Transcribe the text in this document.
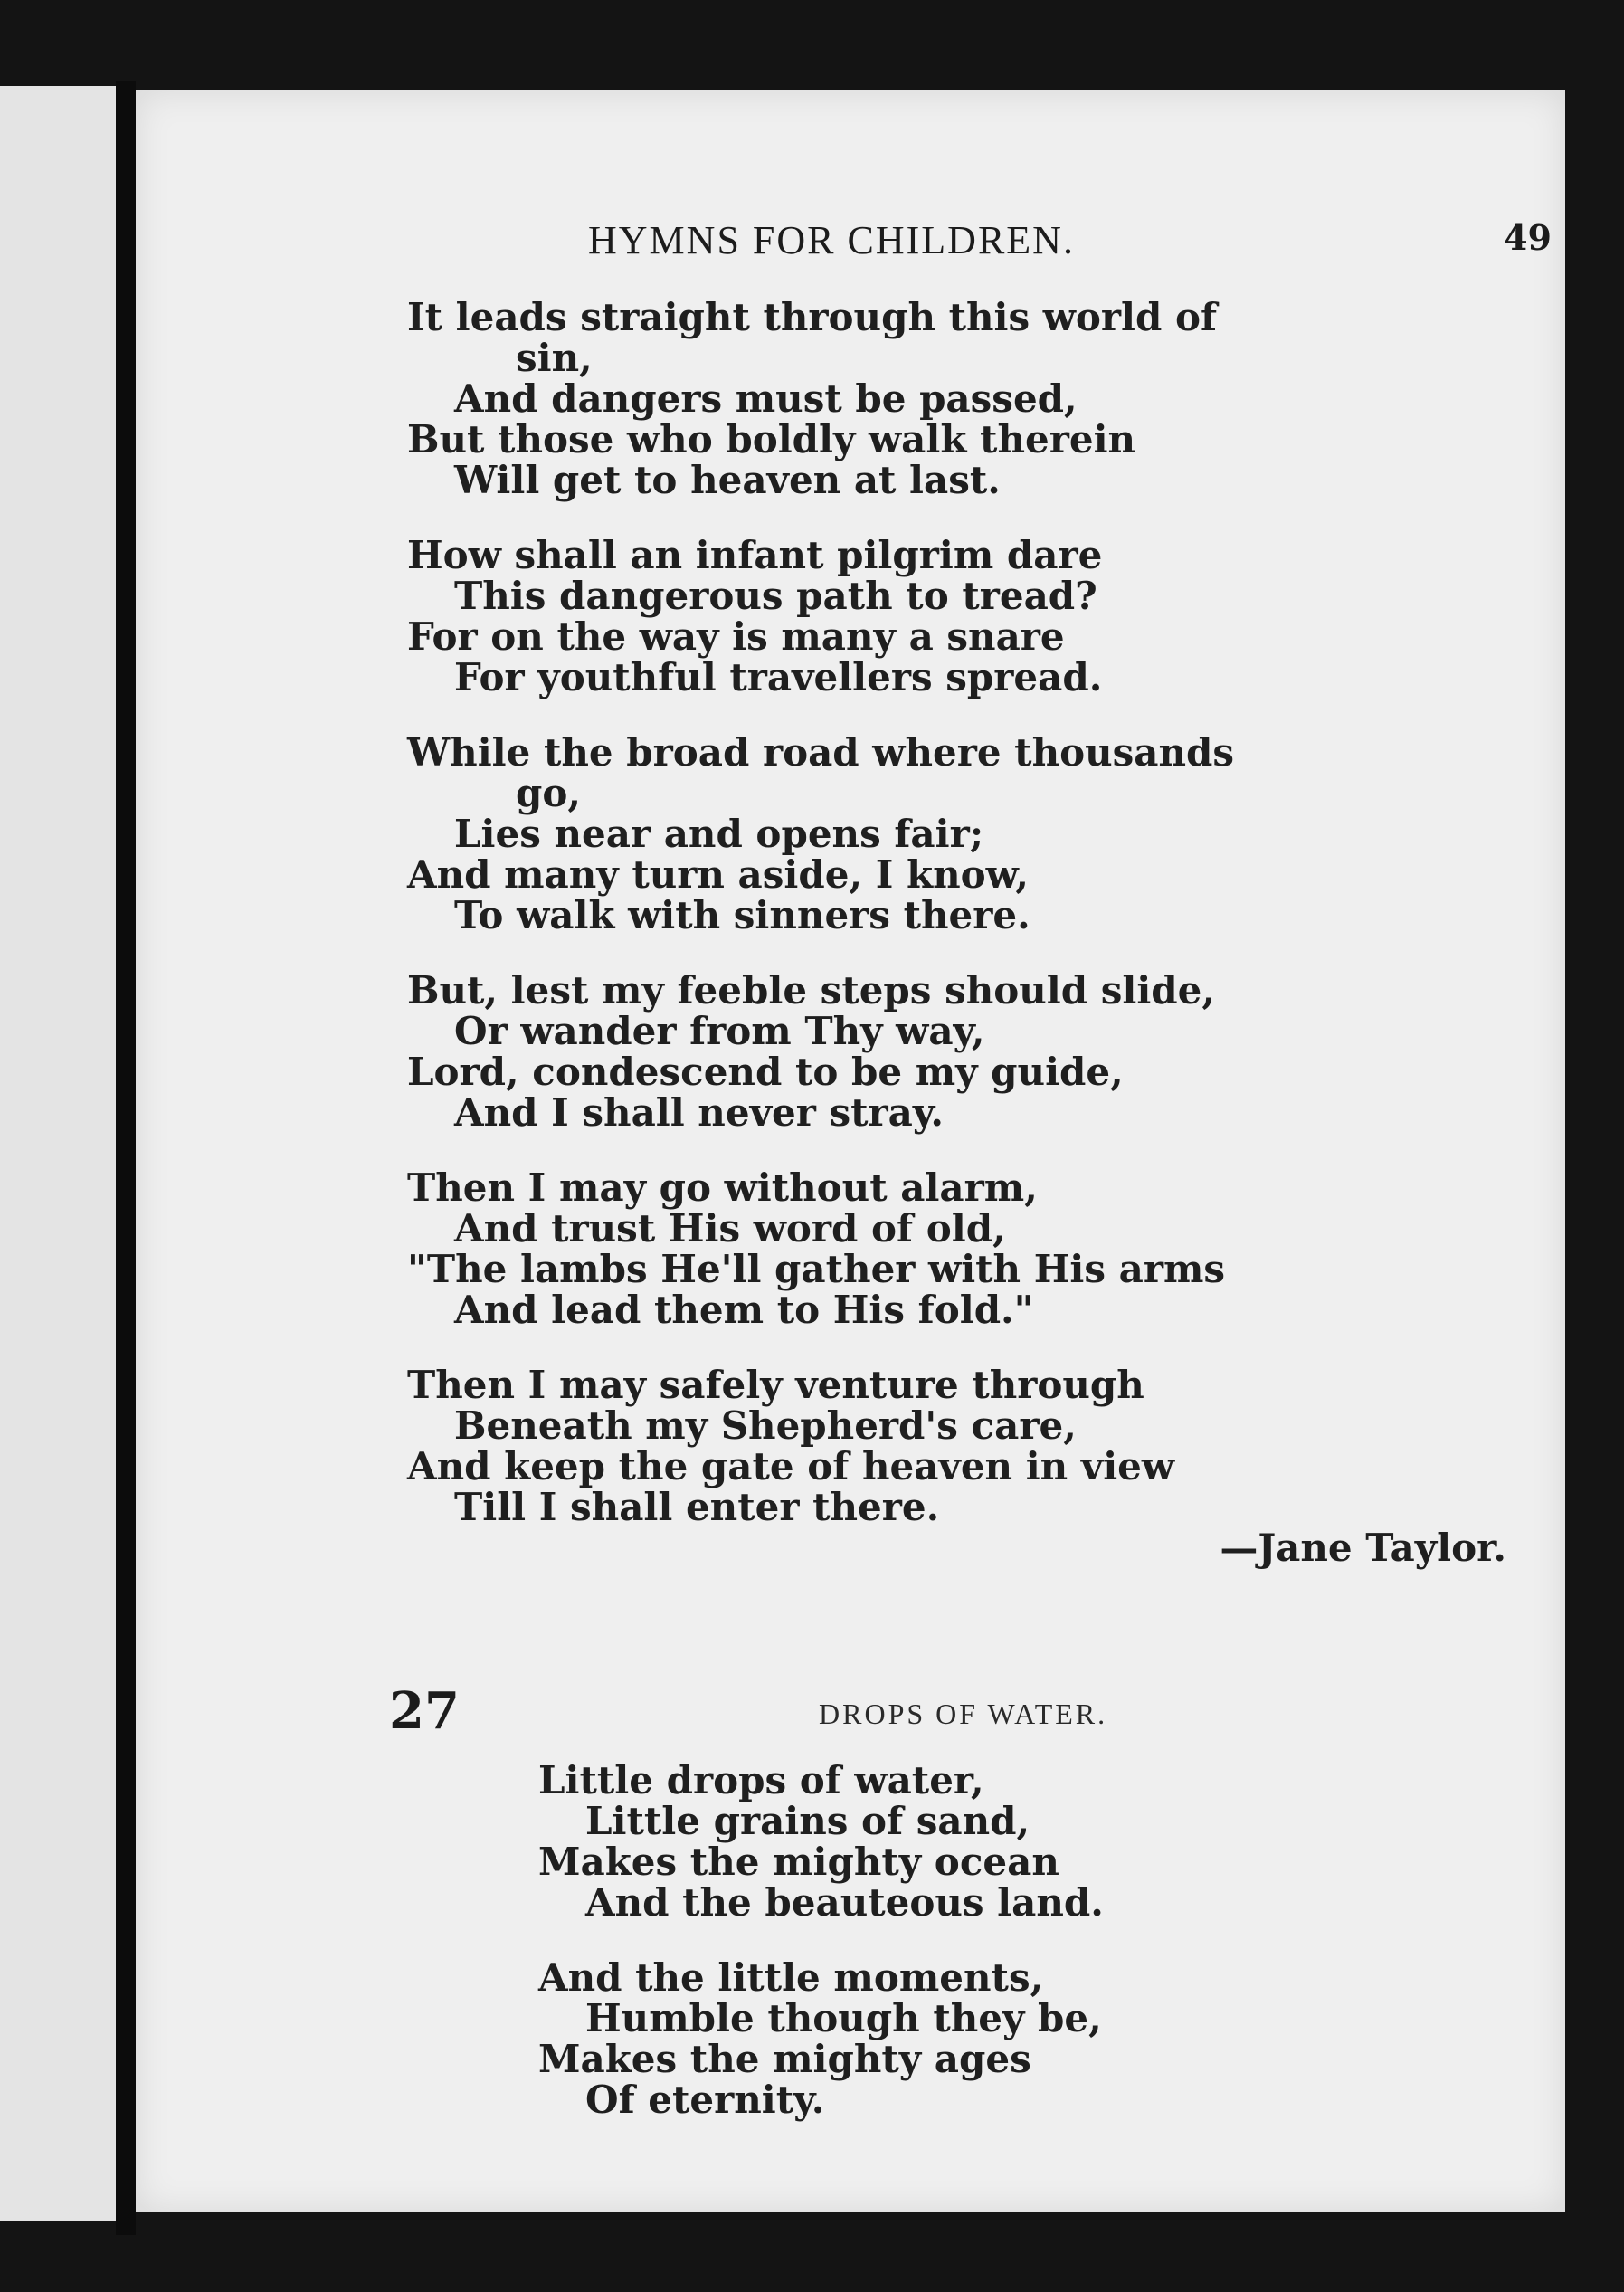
HYMNS FOR CHILDREN.	49
It leads straight through this world of
sin,
And dangers must be passed,
But those who boldly walk therein
Will get to heaven at last.
How shall an infant pilgrim dare
This dangerous path to tread?
For on the way is many a snare
For youthful travellers spread.
While the broad road where thousands
go,
Lies near and opens fair;
And many turn aside, I know,
To walk with sinners there.
But, lest my feeble steps should slide,
Or wander from Thy way,
Lord, condescend to be my guide,
And I shall never stray.
Then I may go without alarm,
And trust His word of old,
"The lambs He'll gather with His arms
And lead them to His fold."
Then I may safely venture through
Beneath my Shepherd's care,
And keep the gate of heaven in view
Till I shall enter there.
—Jane Taylor.
27	DROPS OF WATER.
Little drops of water,
Little grains of sand,
Makes the mighty ocean
And the beauteous land.
And the little moments,
Humble though they be,
Makes the mighty ages
Of eternity.
